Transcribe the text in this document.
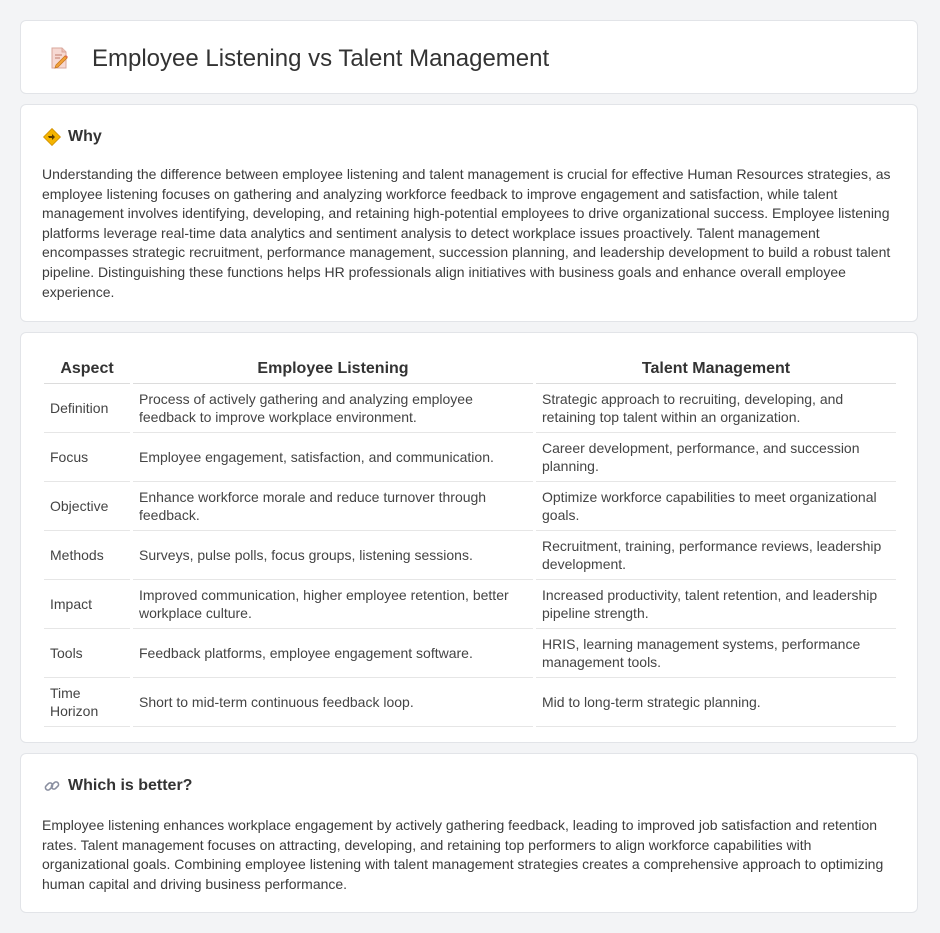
Employee Listening vs Talent Management
Why

Understanding the difference between employee listening and talent management is crucial for effective Human Resources strategies, as employee listening focuses on gathering and analyzing workforce feedback to improve engagement and satisfaction, while talent management involves identifying, developing, and retaining high-potential employees to drive organizational success. Employee listening platforms leverage real-time data analytics and sentiment analysis to detect workplace issues proactively. Talent management encompasses strategic recruitment, performance management, succession planning, and leadership development to build a robust talent pipeline. Distinguishing these functions helps HR professionals align initiatives with business goals and enhance overall employee experience.

Aspect	Employee Listening	Talent Management
Definition	Process of actively gathering and analyzing employee feedback to improve workplace environment.	Strategic approach to recruiting, developing, and retaining top talent within an organization.
Focus	Employee engagement, satisfaction, and communication.	Career development, performance, and succession planning.
Objective	Enhance workforce morale and reduce turnover through feedback.	Optimize workforce capabilities to meet organizational goals.
Methods	Surveys, pulse polls, focus groups, listening sessions.	Recruitment, training, performance reviews, leadership development.
Impact	Improved communication, higher employee retention, better workplace culture.	Increased productivity, talent retention, and leadership pipeline strength.
Tools	Feedback platforms, employee engagement software.	HRIS, learning management systems, performance management tools.
Time Horizon	Short to mid-term continuous feedback loop.	Mid to long-term strategic planning.
Which is better?

Employee listening enhances workplace engagement by actively gathering feedback, leading to improved job satisfaction and retention rates. Talent management focuses on attracting, developing, and retaining top performers to align workforce capabilities with organizational goals. Combining employee listening with talent management strategies creates a comprehensive approach to optimizing human capital and driving business performance.
